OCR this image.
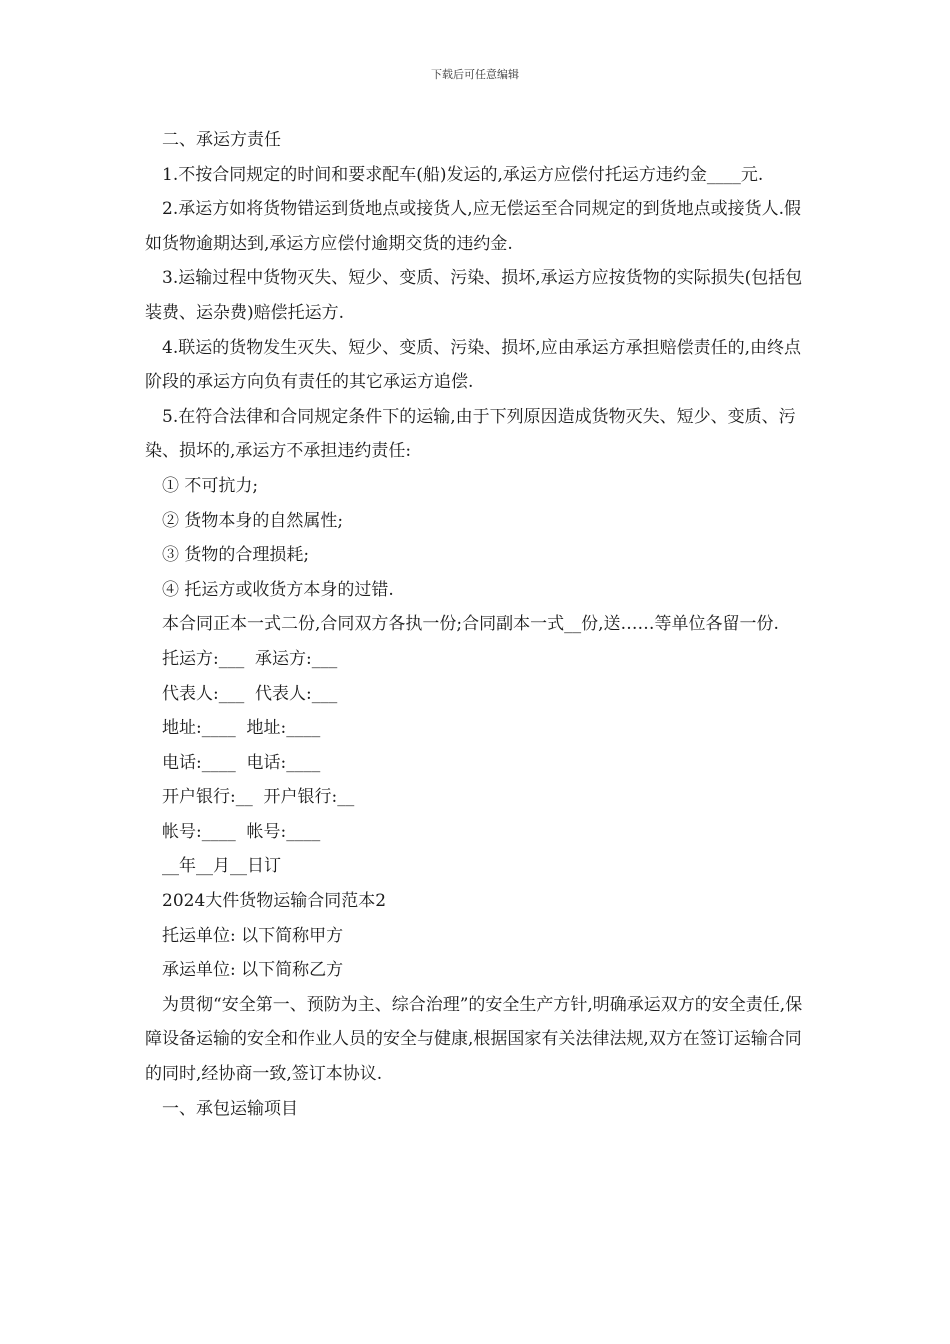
下载后可任意编辑

二、承运方责任

1.不按合同规定的时间和要求配车(船)发运的,承运方应偿付托运方违约金____元.

2.承运方如将货物错运到货地点或接货人,应无偿运至合同规定的到货地点或接货人.假如货物逾期达到,承运方应偿付逾期交货的违约金.

3.运输过程中货物灭失、短少、变质、污染、损坏,承运方应按货物的实际损失(包括包装费、运杂费)赔偿托运方.

4.联运的货物发生灭失、短少、变质、污染、损坏,应由承运方承担赔偿责任的,由终点阶段的承运方向负有责任的其它承运方追偿.

5.在符合法律和合同规定条件下的运输,由于下列原因造成货物灭失、短少、变质、污染、损坏的,承运方不承担违约责任:

① 不可抗力;

② 货物本身的自然属性;

③ 货物的合理损耗;

④ 托运方或收货方本身的过错.

本合同正本一式二份,合同双方各执一份;合同副本一式__份,送……等单位各留一份.

托运方:___  承运方:___

代表人:___  代表人:___

地址:____  地址:____

电话:____  电话:____

开户银行:__  开户银行:__

帐号:____  帐号:____

__年__月__日订

2024大件货物运输合同范本2

托运单位: 以下简称甲方

承运单位: 以下简称乙方

为贯彻“安全第一、预防为主、综合治理”的安全生产方针,明确承运双方的安全责任,保障设备运输的安全和作业人员的安全与健康,根据国家有关法律法规,双方在签订运输合同的同时,经协商一致,签订本协议.

一、承包运输项目
